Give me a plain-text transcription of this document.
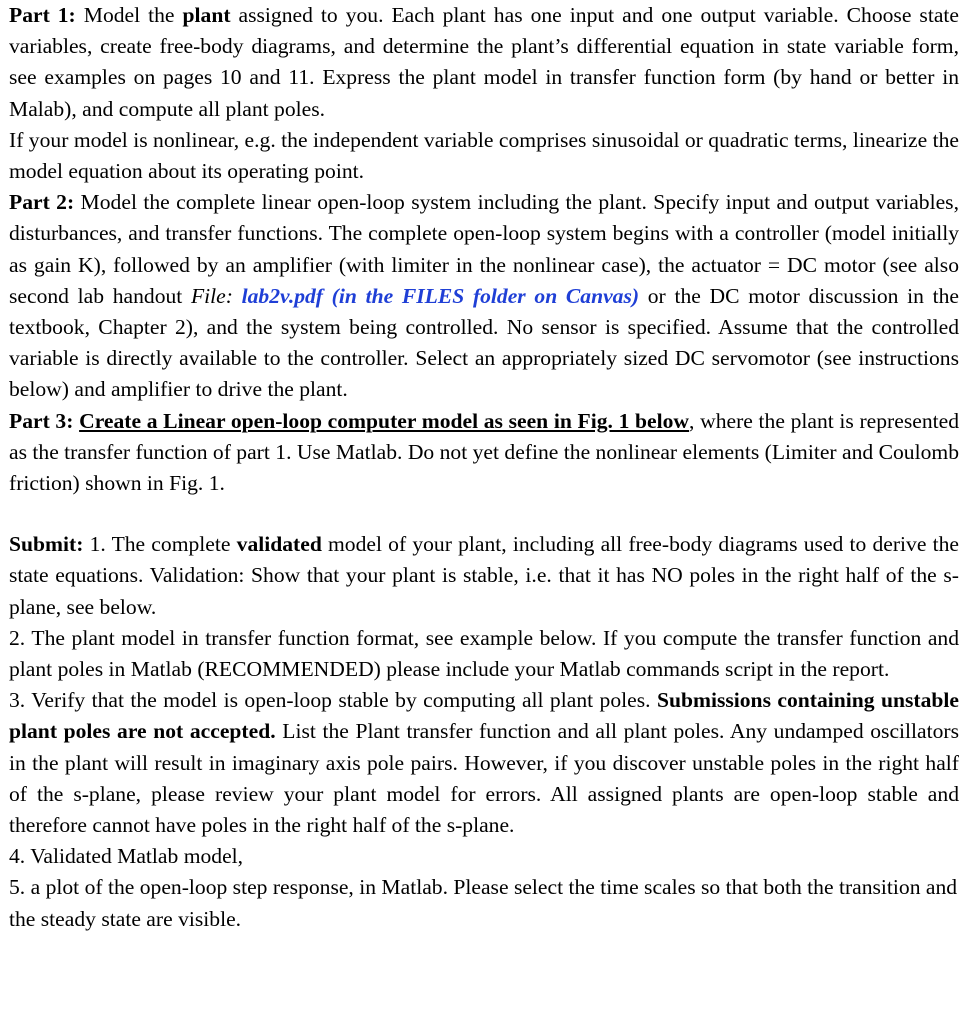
Part 1: Model the plant assigned to you. Each plant has one input and one output variable. Choose state variables, create free-body diagrams, and determine the plant’s differential equation in state variable form, see examples on pages 10 and 11. Express the plant model in transfer function form (by hand or better in Malab), and compute all plant poles.

If your model is nonlinear, e.g. the independent variable comprises sinusoidal or quadratic terms, linearize the model equation about its operating point.

Part 2: Model the complete linear open-loop system including the plant. Specify input and output variables, disturbances, and transfer functions. The complete open-loop system begins with a controller (model initially as gain K), followed by an amplifier (with limiter in the nonlinear case), the actuator = DC motor (see also second lab handout File: lab2v.pdf (in the FILES folder on Canvas) or the DC motor discussion in the textbook, Chapter 2), and the system being controlled. No sensor is specified. Assume that the controlled variable is directly available to the controller. Select an appropriately sized DC servomotor (see instructions below) and amplifier to drive the plant.

Part 3: Create a Linear open-loop computer model as seen in Fig. 1 below, where the plant is represented as the transfer function of part 1. Use Matlab. Do not yet define the nonlinear elements (Limiter and Coulomb friction) shown in Fig. 1.

Submit: 1. The complete validated model of your plant, including all free-body diagrams used to derive the state equations. Validation: Show that your plant is stable, i.e. that it has NO poles in the right half of the s-plane, see below.

2. The plant model in transfer function format, see example below. If you compute the transfer function and plant poles in Matlab (RECOMMENDED) please include your Matlab commands script in the report.

3. Verify that the model is open-loop stable by computing all plant poles. Submissions containing unstable plant poles are not accepted. List the Plant transfer function and all plant poles. Any undamped oscillators in the plant will result in imaginary axis pole pairs. However, if you discover unstable poles in the right half of the s-plane, please review your plant model for errors. All assigned plants are open-loop stable and therefore cannot have poles in the right half of the s-plane.

4. Validated Matlab model,

5. a plot of the open-loop step response, in Matlab. Please select the time scales so that both the transition and the steady state are visible.
